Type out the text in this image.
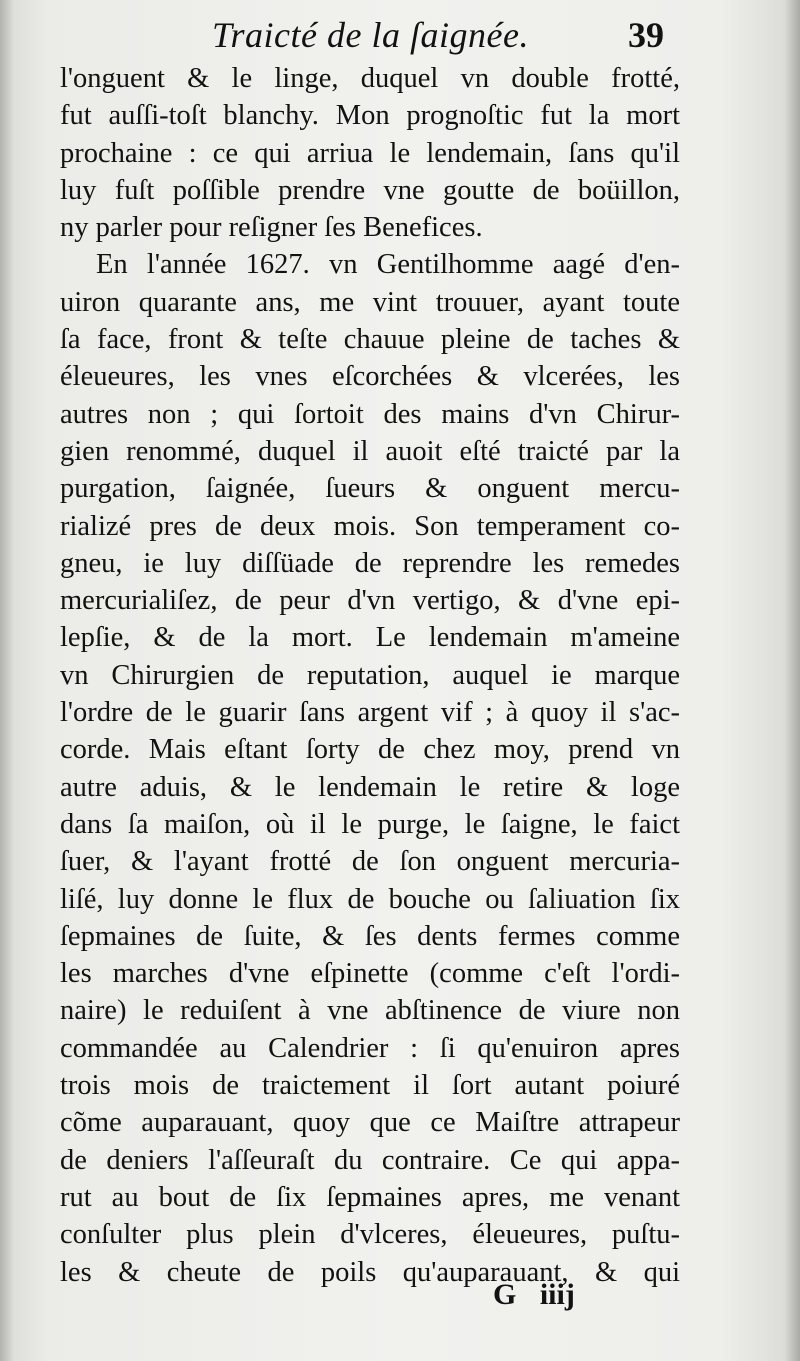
Traicté de la ſaignée.	39
l'onguent & le linge, duquel vn double frotté,
fut auſſi-toſt blanchy. Mon prognoſtic fut la mort
prochaine : ce qui arriua le lendemain, ſans qu'il
luy fuſt poſſible prendre vne goutte de boüillon,
ny parler pour reſigner ſes Benefices.
En l'année 1627. vn Gentilhomme aagé d'en-
uiron quarante ans, me vint trouuer, ayant toute
ſa face, front & teſte chauue pleine de taches &
éleueures, les vnes eſcorchées & vlcerées, les
autres non ; qui ſortoit des mains d'vn Chirur-
gien renommé, duquel il auoit eſté traicté par la
purgation, ſaignée, ſueurs & onguent mercu-
rializé pres de deux mois. Son temperament co-
gneu, ie luy diſſüade de reprendre les remedes
mercurialiſez, de peur d'vn vertigo, & d'vne epi-
lepſie, & de la mort. Le lendemain m'ameine
vn Chirurgien de reputation, auquel ie marque
l'ordre de le guarir ſans argent vif ; à quoy il s'ac-
corde. Mais eſtant ſorty de chez moy, prend vn
autre aduis, & le lendemain le retire & loge
dans ſa maiſon, où il le purge, le ſaigne, le faict
ſuer, & l'ayant frotté de ſon onguent mercuria-
liſé, luy donne le flux de bouche ou ſaliuation ſix
ſepmaines de ſuite, & ſes dents fermes comme
les marches d'vne eſpinette (comme c'eſt l'ordi-
naire) le reduiſent à vne abſtinence de viure non
commandée au Calendrier : ſi qu'enuiron apres
trois mois de traictement il ſort autant poiuré
cõme auparauant, quoy que ce Maiſtre attrapeur
de deniers l'aſſeuraſt du contraire. Ce qui appa-
rut au bout de ſix ſepmaines apres, me venant
conſulter plus plein d'vlceres, éleueures, puſtu-
les & cheute de poils qu'auparauant, & qui
G iiij
